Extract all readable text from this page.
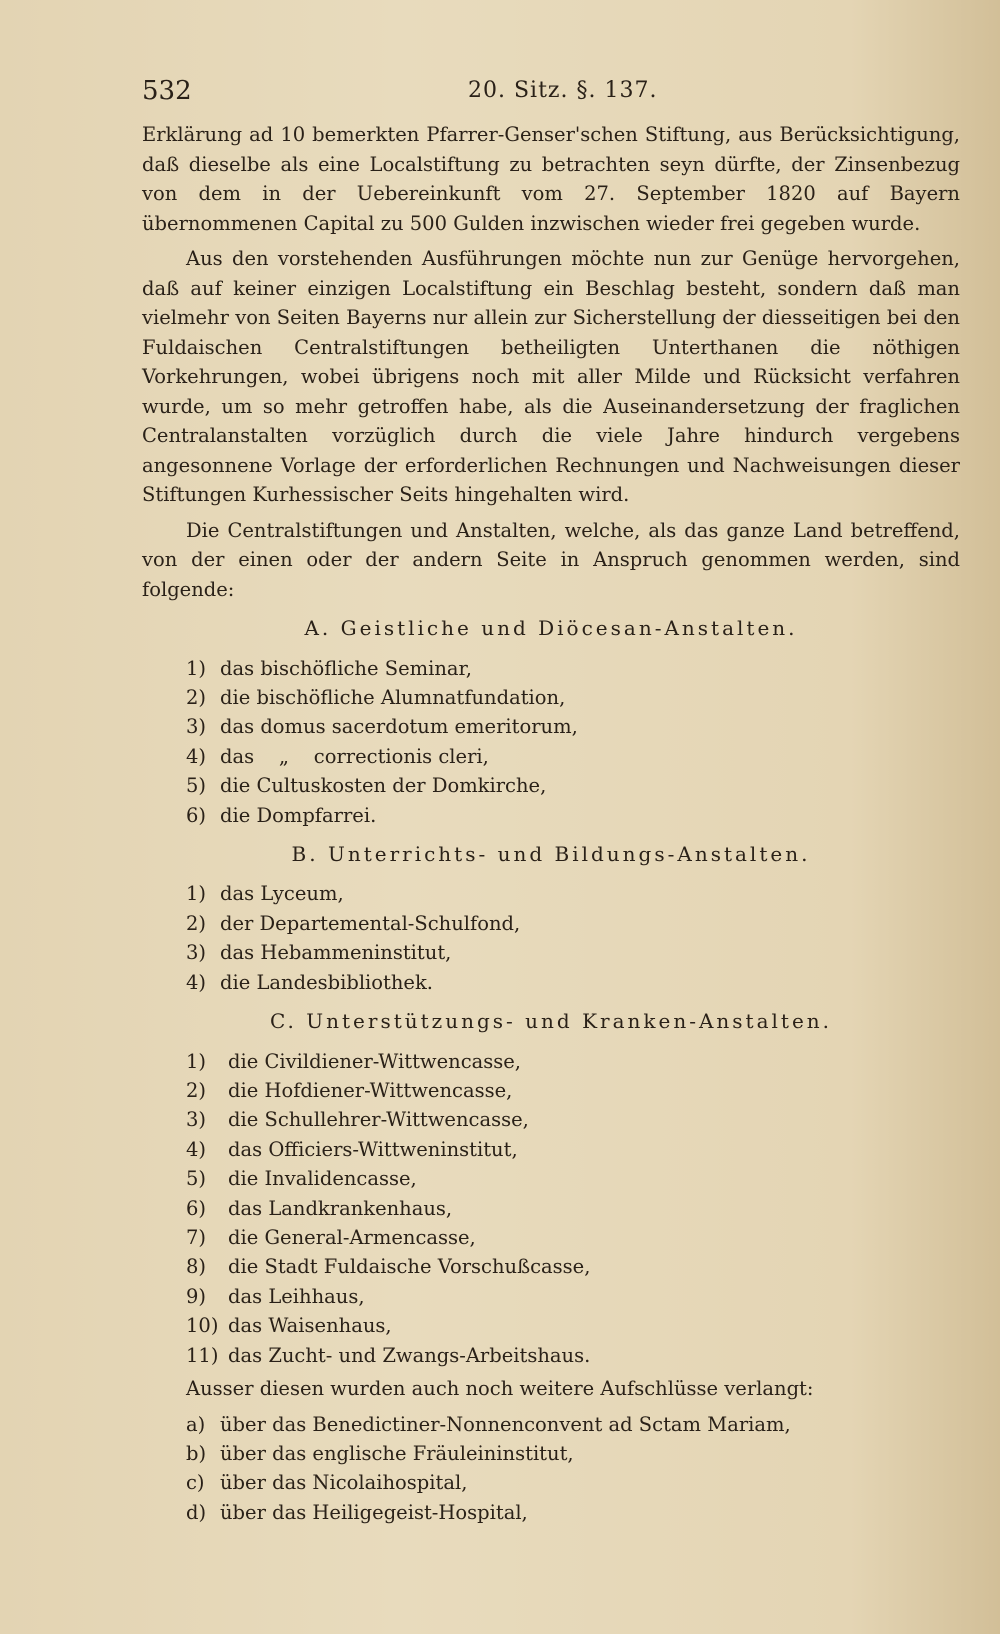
532	20. Sitz. §. 137.

Erklärung ad 10 bemerkten Pfarrer-Genser'schen Stiftung, aus Berücksichtigung, daß dieselbe als eine Localstiftung zu betrachten seyn dürfte, der Zinsenbezug von dem in der Uebereinkunft vom 27. September 1820 auf Bayern übernommenen Capital zu 500 Gulden inzwischen wieder frei gegeben wurde.

Aus den vorstehenden Ausführungen möchte nun zur Genüge hervorgehen, daß auf keiner einzigen Localstiftung ein Beschlag besteht, sondern daß man vielmehr von Seiten Bayerns nur allein zur Sicherstellung der diesseitigen bei den Fuldaischen Centralstiftungen betheiligten Unterthanen die nöthigen Vorkehrungen, wobei übrigens noch mit aller Milde und Rücksicht verfahren wurde, um so mehr getroffen habe, als die Auseinandersetzung der fraglichen Centralanstalten vorzüglich durch die viele Jahre hindurch vergebens angesonnene Vorlage der erforderlichen Rechnungen und Nachweisungen dieser Stiftungen Kurhessischer Seits hingehalten wird.

Die Centralstiftungen und Anstalten, welche, als das ganze Land betreffend, von der einen oder der andern Seite in Anspruch genommen werden, sind folgende:

A. Geistliche und Diöcesan-Anstalten.
1) das bischöfliche Seminar,
2) die bischöfliche Alumnatfundation,
3) das domus sacerdotum emeritorum,
4) das    „    correctionis cleri,
5) die Cultuskosten der Domkirche,
6) die Dompfarrei.
B. Unterrichts- und Bildungs-Anstalten.
1) das Lyceum,
2) der Departemental-Schulfond,
3) das Hebammeninstitut,
4) die Landesbibliothek.
C. Unterstützungs- und Kranken-Anstalten.
1) die Civildiener-Wittwencasse,
2) die Hofdiener-Wittwencasse,
3) die Schullehrer-Wittwencasse,
4) das Officiers-Wittweninstitut,
5) die Invalidencasse,
6) das Landkrankenhaus,
7) die General-Armencasse,
8) die Stadt Fuldaische Vorschußcasse,
9) das Leihhaus,
10) das Waisenhaus,
11) das Zucht- und Zwangs-Arbeitshaus.

Ausser diesen wurden auch noch weitere Aufschlüsse verlangt:

a) über das Benedictiner-Nonnenconvent ad Sctam Mariam,
b) über das englische Fräuleininstitut,
c) über das Nicolaihospital,
d) über das Heiligegeist-Hospital,
